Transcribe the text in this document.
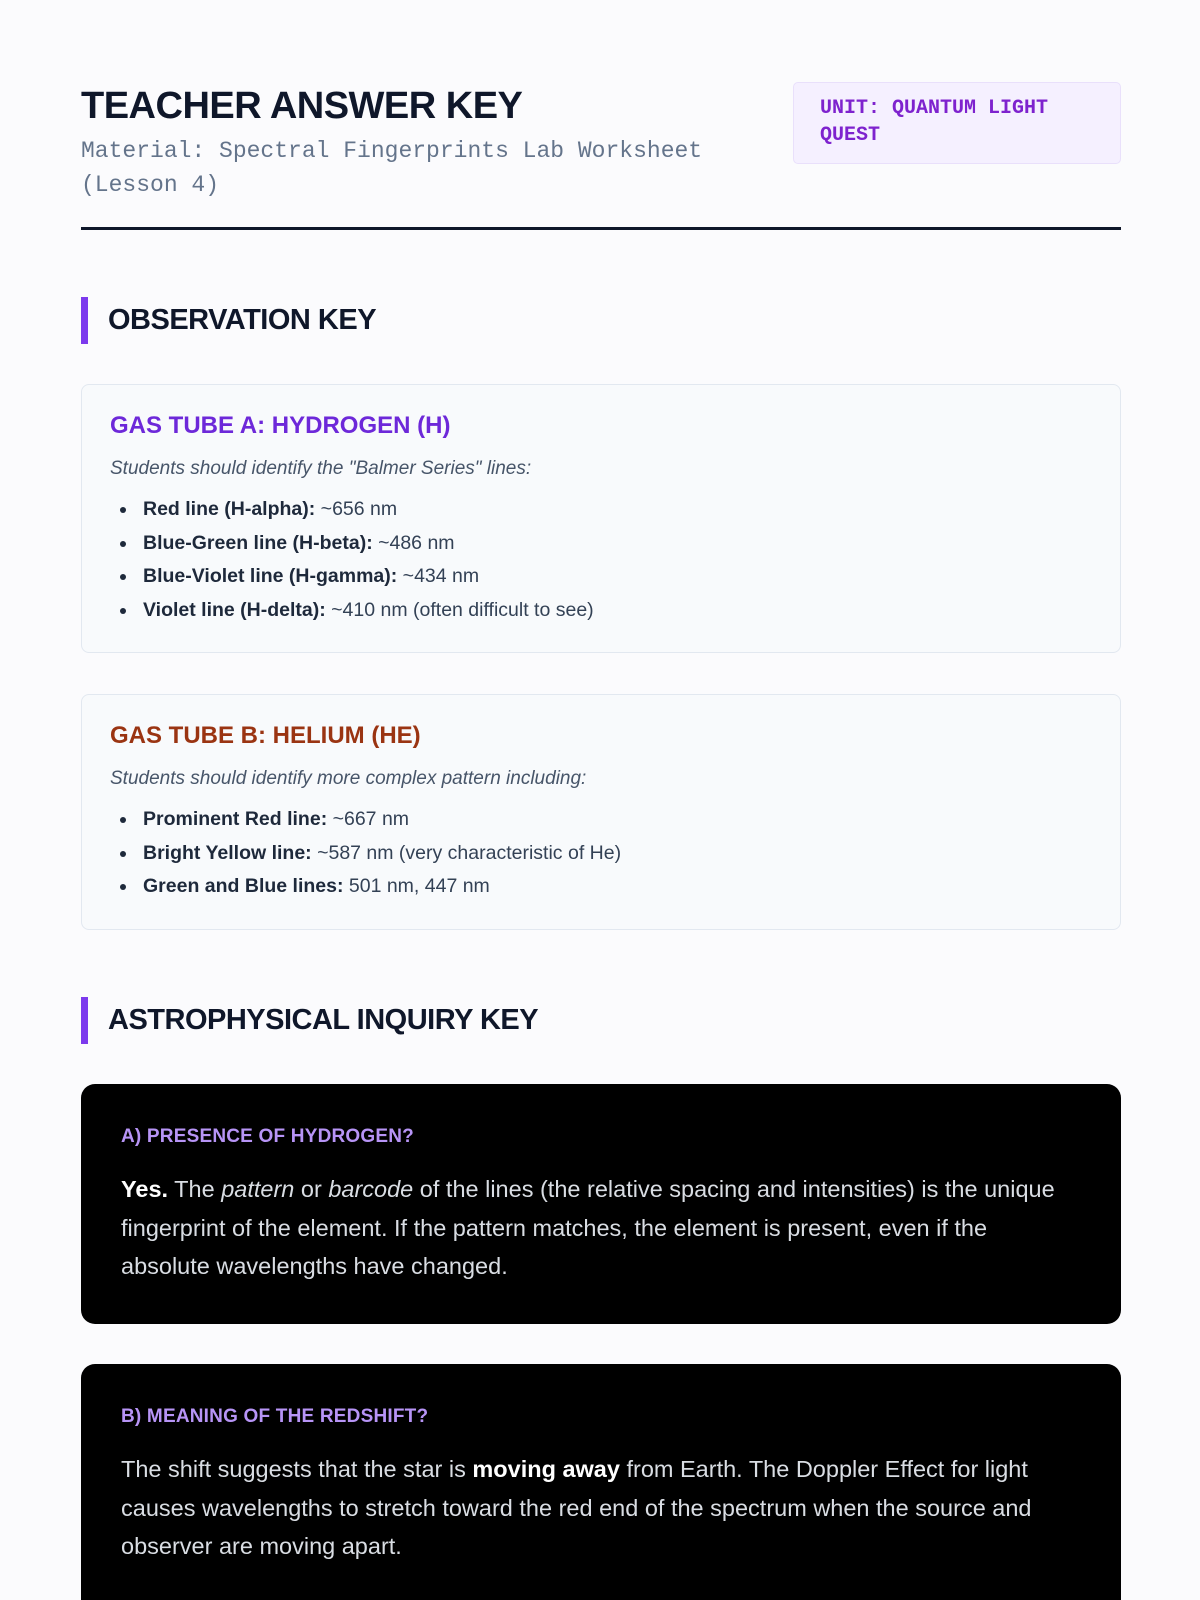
TEACHER ANSWER KEY
Material: Spectral Fingerprints Lab Worksheet
(Lesson 4)
UNIT: QUANTUM LIGHT
QUEST
OBSERVATION KEY
GAS TUBE A: HYDROGEN (H)
Students should identify the "Balmer Series" lines:
Red line (H-alpha): ~656 nm
Blue-Green line (H-beta): ~486 nm
Blue-Violet line (H-gamma): ~434 nm
Violet line (H-delta): ~410 nm (often difficult to see)
GAS TUBE B: HELIUM (HE)
Students should identify more complex pattern including:
Prominent Red line: ~667 nm
Bright Yellow line: ~587 nm (very characteristic of He)
Green and Blue lines: 501 nm, 447 nm
ASTROPHYSICAL INQUIRY KEY
A) PRESENCE OF HYDROGEN?

Yes. The pattern or barcode of the lines (the relative spacing and intensities) is the unique fingerprint of the element. If the pattern matches, the element is present, even if the absolute wavelengths have changed.

B) MEANING OF THE REDSHIFT?

The shift suggests that the star is moving away from Earth. The Doppler Effect for light causes wavelengths to stretch toward the red end of the spectrum when the source and observer are moving apart.
